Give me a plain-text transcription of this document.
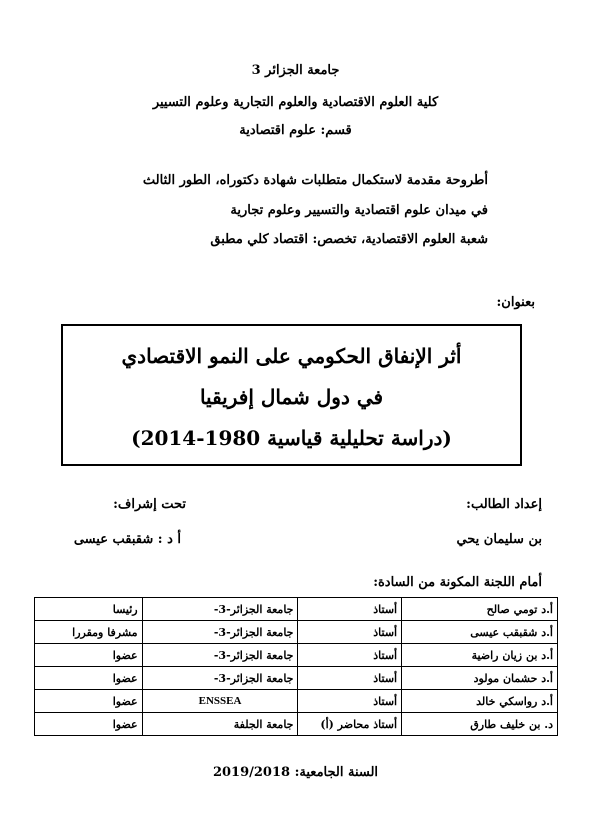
جامعة الجزائر 3
كلية العلوم الاقتصادية والعلوم التجارية وعلوم التسيير
قسم: علوم اقتصادية
أطروحة مقدمة لاستكمال متطلبات شهادة دكتوراه، الطور الثالث
في ميدان علوم اقتصادية والتسيير وعلوم تجارية
شعبة العلوم الاقتصادية، تخصص: اقتصاد كلي مطبق
بعنوان:
أثر الإنفاق الحكومي على النمو الاقتصادي
في دول شمال إفريقيا
(دراسة تحليلية قياسية 1980-2014)
إعداد الطالب:
تحت إشراف:
بن سليمان يحي
أ د : شقبقب عيسى
أمام اللجنة المكونة من السادة:
أ.د تومي صالح	أستاذ	جامعة الجزائر-3-	رئيسا
أ.د شقبقب عيسى	أستاذ	جامعة الجزائر-3-	مشرفا ومقررا
أ.د بن زيان راضية	أستاذ	جامعة الجزائر-3-	عضوا
أ.د حشمان مولود	أستاذ	جامعة الجزائر-3-	عضوا
أ.د رواسكي خالد	أستاذ	ENSSEA	عضوا
د. بن خليف طارق	أستاذ محاضر (أ)	جامعة الجلفة	عضوا
السنة الجامعية: 2019/2018
